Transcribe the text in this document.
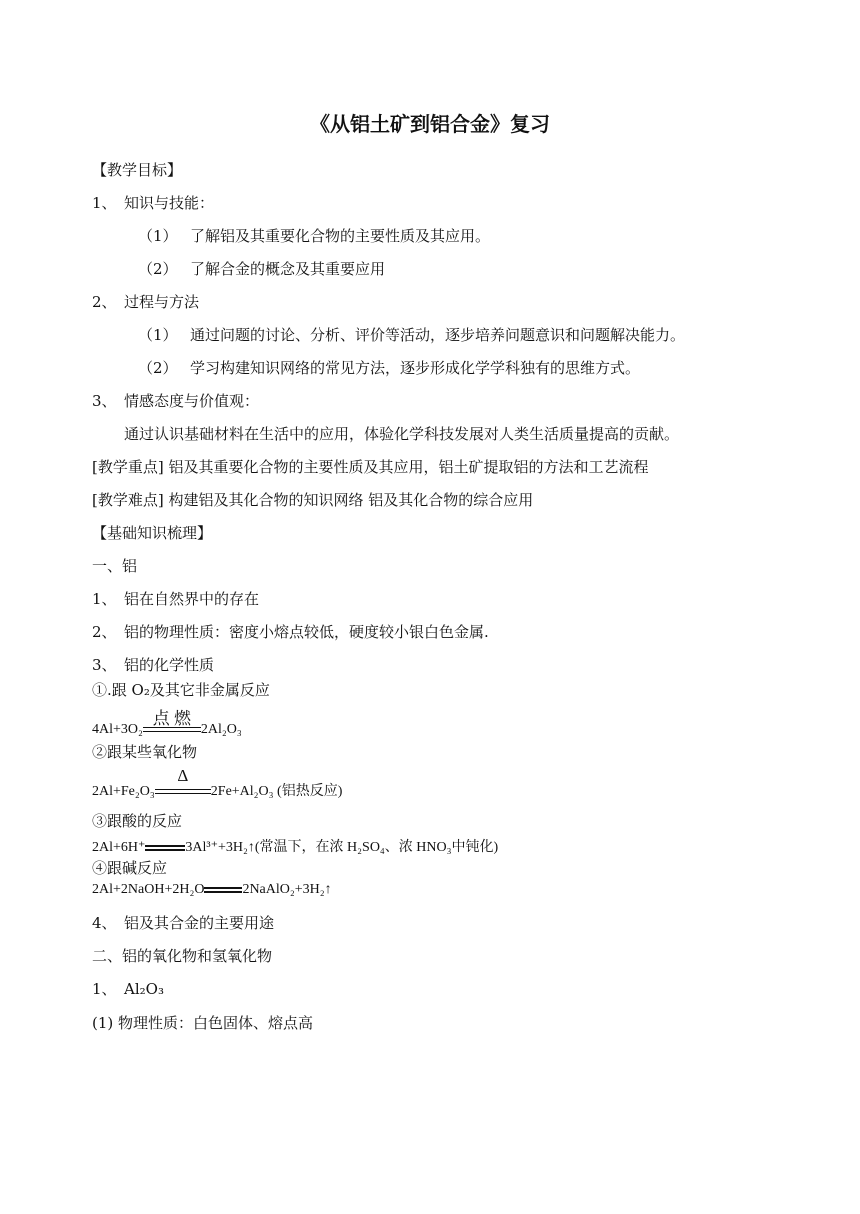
《从铝土矿到铝合金》复习
【教学目标】
1、 知识与技能：
（1） 了解铝及其重要化合物的主要性质及其应用。
（2） 了解合金的概念及其重要应用
2、 过程与方法
（1） 通过问题的讨论、分析、评价等活动，逐步培养问题意识和问题解决能力。
（2） 学习构建知识网络的常见方法，逐步形成化学学科独有的思维方式。
3、 情感态度与价值观：
通过认识基础材料在生活中的应用，体验化学科技发展对人类生活质量提高的贡献。
[教学重点] 铝及其重要化合物的主要性质及其应用，铝土矿提取铝的方法和工艺流程
[教学难点] 构建铝及其化合物的知识网络 铝及其化合物的综合应用
【基础知识梳理】
一、铝
1、 铝在自然界中的存在
2、 铝的物理性质：密度小熔点较低，硬度较小银白色金属.
3、 铝的化学性质
①.跟 O₂及其它非金属反应
4Al+3O₂
点 燃
2Al₂O₃
②跟某些氧化物
2Al+Fe₂O₃
Δ
2Fe+Al₂O₃ (铝热反应)
③跟酸的反应
2Al+6H⁺	3Al³⁺+3H₂↑(常温下，在浓 H₂SO₄、浓 HNO₃中钝化)
④跟碱反应
2Al+2NaOH+2H₂O	2NaAlO₂+3H₂↑
4、 铝及其合金的主要用途
二、铝的氧化物和氢氧化物
1、 Al₂O₃
(1) 物理性质：白色固体、熔点高
